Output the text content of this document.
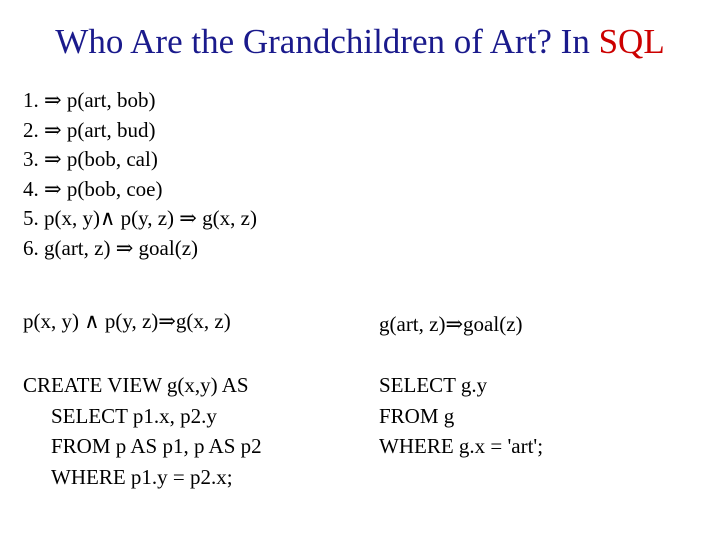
Who Are the Grandchildren of Art? In SQL
1. ⇒ p(art, bob)
2. ⇒ p(art, bud)
3. ⇒ p(bob, cal)
4. ⇒ p(bob, coe)
5. p(x, y)∧ p(y, z) ⇒ g(x, z)
6. g(art, z) ⇒ goal(z)
p(x, y) ∧ p(y, z)⇒g(x, z)	g(art, z)⇒goal(z)
CREATE VIEW g(x,y) AS
SELECT p1.x, p2.y
FROM p AS p1, p AS p2
WHERE p1.y = p2.x;
SELECT g.y
FROM g
WHERE g.x = 'art';
